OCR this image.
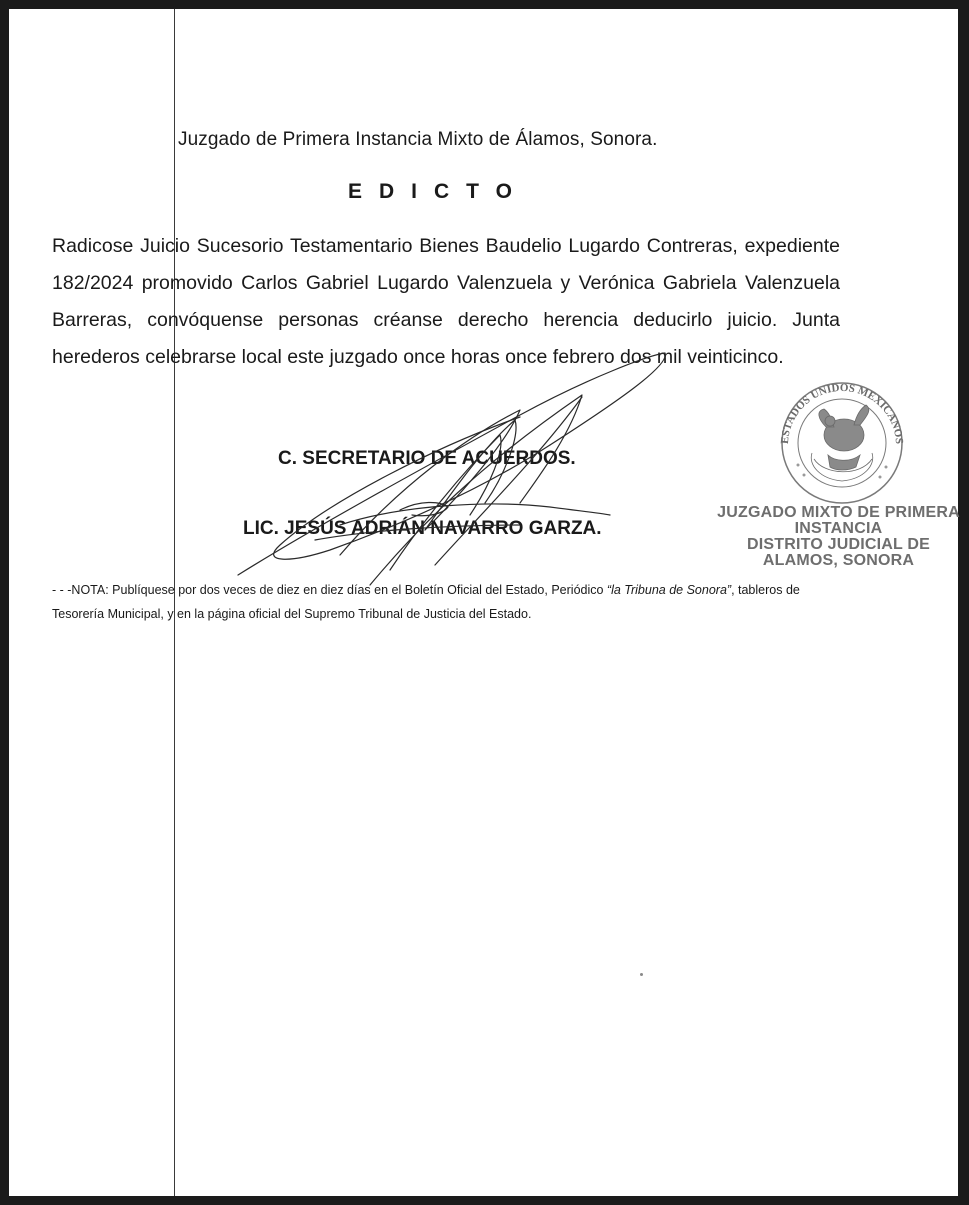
Juzgado de Primera Instancia Mixto de Álamos, Sonora.
EDICTO
Radicose Juicio Sucesorio Testamentario Bienes Baudelio Lugardo Contreras, expediente 182/2024 promovido Carlos Gabriel Lugardo Valenzuela y Verónica Gabriela Valenzuela Barreras, convóquense personas créanse derecho herencia deducirlo juicio. Junta herederos celebrarse local este juzgado once horas once febrero dos mil veinticinco.
C. SECRETARIO DE ACUERDOS.
LIC. JESÚS ADRIÁN NAVARRO GARZA.
ESTADOS UNIDOS MEXICANOS
JUZGADO MIXTO DE PRIMERA
INSTANCIA
DISTRITO JUDICIAL DE
ALAMOS, SONORA
- - -NOTA: Publíquese por dos veces de diez en diez días en el Boletín Oficial del Estado, Periódico “la Tribuna de Sonora”, tableros de Tesorería Municipal, y en la página oficial del Supremo Tribunal de Justicia del Estado.
